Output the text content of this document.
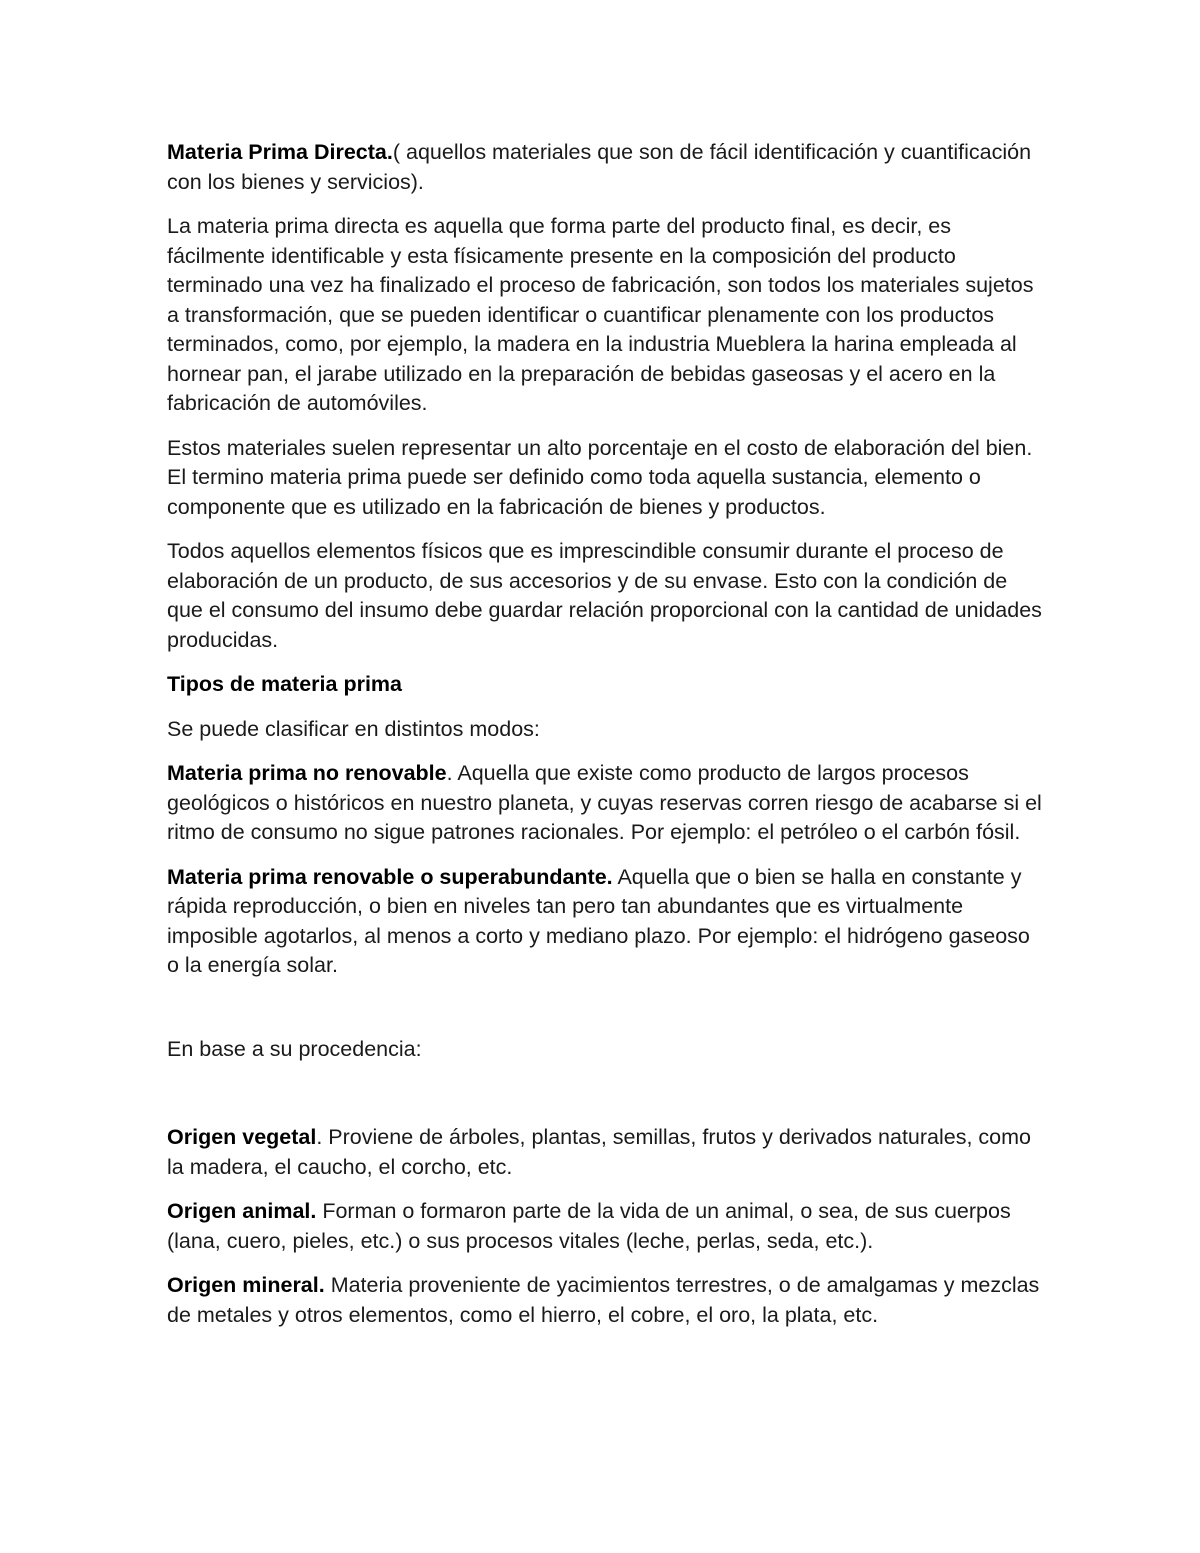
Materia Prima Directa.( aquellos materiales que son de fácil identificación y cuantificación con los bienes y servicios).

La materia prima directa es aquella que forma parte del producto final, es decir, es fácilmente identificable y esta físicamente presente en la composición del producto terminado una vez ha finalizado el proceso de fabricación, son todos los materiales sujetos a transformación, que se pueden identificar o cuantificar plenamente con los productos terminados, como, por ejemplo, la madera en la industria Mueblera la harina empleada al hornear pan, el jarabe utilizado en la preparación de bebidas gaseosas y el acero en la fabricación de automóviles.

Estos materiales suelen representar un alto porcentaje en el costo de elaboración del bien. El termino materia prima puede ser definido como toda aquella sustancia, elemento o componente que es utilizado en la fabricación de bienes y productos.

Todos aquellos elementos físicos que es imprescindible consumir durante el proceso de elaboración de un producto, de sus accesorios y de su envase. Esto con la condición de que el consumo del insumo debe guardar relación proporcional con la cantidad de unidades producidas.

Tipos de materia prima

Se puede clasificar en distintos modos:

Materia prima no renovable. Aquella que existe como producto de largos procesos geológicos o históricos en nuestro planeta, y cuyas reservas corren riesgo de acabarse si el ritmo de consumo no sigue patrones racionales. Por ejemplo: el petróleo o el carbón fósil.

Materia prima renovable o superabundante. Aquella que o bien se halla en constante y rápida reproducción, o bien en niveles tan pero tan abundantes que es virtualmente imposible agotarlos, al menos a corto y mediano plazo. Por ejemplo: el hidrógeno gaseoso o la energía solar.

En base a su procedencia:

Origen vegetal. Proviene de árboles, plantas, semillas, frutos y derivados naturales, como la madera, el caucho, el corcho, etc.

Origen animal. Forman o formaron parte de la vida de un animal, o sea, de sus cuerpos (lana, cuero, pieles, etc.) o sus procesos vitales (leche, perlas, seda, etc.).

Origen mineral. Materia proveniente de yacimientos terrestres, o de amalgamas y mezclas de metales y otros elementos, como el hierro, el cobre, el oro, la plata, etc.
